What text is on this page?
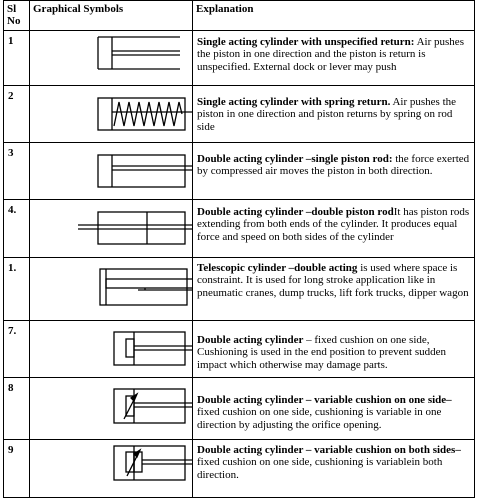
Sl No	Graphical Symbols	Explanation
1		Single acting cylinder with unspecified return: Air pushes the piston in one direction and the piston is return is unspecified. External dock or lever may push

2		Single acting cylinder with spring return. Air pushes the piston in one direction and piston returns by spring on rod side

3		Double acting cylinder –single piston rod: the force exerted by compressed air moves the piston in both direction.

4.		Double acting cylinder –double piston rodIt has piston rods extending from both ends of the cylinder. It produces equal force and speed on both sides of the cylinder

1.		Telescopic cylinder –double acting is used where space is constraint. It is used for long stroke application like in pneumatic cranes, dump trucks, lift fork trucks, dipper wagon

7.		Double acting cylinder – fixed cushion on one side, Cushioning is used in the end position to prevent sudden impact which otherwise may damage parts.

8		Double acting cylinder – variable cushion on one side– fixed cushion on one side, cushioning is variable in one direction by adjusting the orifice opening.

9		Double acting cylinder – variable cushion on both sides– fixed cushion on one side, cushioning is variablein both direction.
